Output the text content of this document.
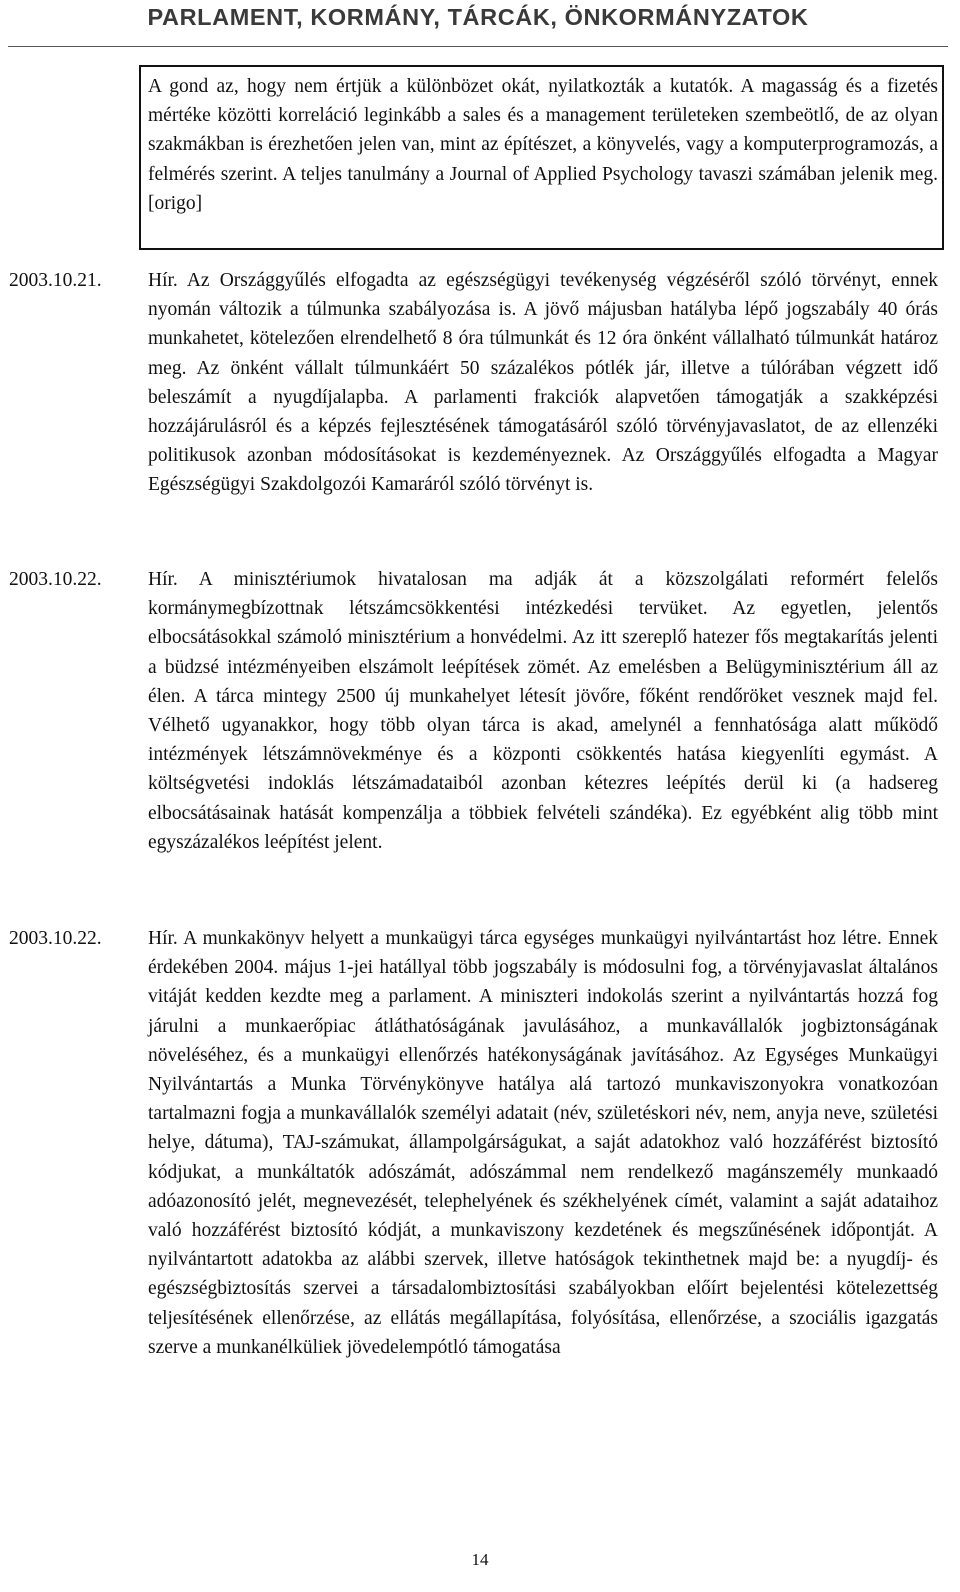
PARLAMENT, KORMÁNY, TÁRCÁK, ÖNKORMÁNYZATOK
A gond az, hogy nem értjük a különbözet okát, nyilatkozták a kutatók. A magasság és a fizetés mértéke közötti korreláció leginkább a sales és a management területeken szembeötlő, de az olyan szakmákban is érezhetően jelen van, mint az építészet, a könyvelés, vagy a komputerprogramozás, a felmérés szerint. A teljes tanulmány a Journal of Applied Psychology tavaszi számában jelenik meg. [origo]
2003.10.21. Hír. Az Országgyűlés elfogadta az egészségügyi tevékenység végzéséről szóló törvényt, ennek nyomán változik a túlmunka szabályozása is. A jövő májusban hatályba lépő jogszabály 40 órás munkahetet, kötelezően elrendelhető 8 óra túlmunkát és 12 óra önként vállalható túlmunkát határoz meg. Az önként vállalt túlmunkáért 50 százalékos pótlék jár, illetve a túlórában végzett idő beleszámít a nyugdíjalapba. A parlamenti frakciók alapvetően támogatják a szakképzési hozzájárulásról és a képzés fejlesztésének támogatásáról szóló törvényjavaslatot, de az ellenzéki politikusok azonban módosításokat is kezdeményeznek. Az Országgyűlés elfogadta a Magyar Egészségügyi Szakdolgozói Kamaráról szóló törvényt is.
2003.10.22. Hír. A minisztériumok hivatalosan ma adják át a közszolgálati reformért felelős kormánymegbízottnak létszámcsökkentési intézkedési tervüket. Az egyetlen, jelentős elbocsátásokkal számoló minisztérium a honvédelmi. Az itt szereplő hatezer fős megtakarítás jelenti a büdzsé intézményeiben elszámolt leépítések zömét. Az emelésben a Belügyminisztérium áll az élen. A tárca mintegy 2500 új munkahelyet létesít jövőre, főként rendőröket vesznek majd fel. Vélhető ugyanakkor, hogy több olyan tárca is akad, amelynél a fennhatósága alatt működő intézmények létszámnövekménye és a központi csökkentés hatása kiegyenlíti egymást. A költségvetési indoklás létszámadataiból azonban kétezres leépítés derül ki (a hadsereg elbocsátásainak hatását kompenzálja a többiek felvételi szándéka). Ez egyébként alig több mint egyszázalékos leépítést jelent.
2003.10.22. Hír. A munkakönyv helyett a munkaügyi tárca egységes munkaügyi nyilvántartást hoz létre. Ennek érdekében 2004. május 1-jei hatállyal több jogszabály is módosulni fog, a törvényjavaslat általános vitáját kedden kezdte meg a parlament. A miniszteri indokolás szerint a nyilvántartás hozzá fog járulni a munkaerőpiac átláthatóságának javulásához, a munkavállalók jogbiztonságának növeléséhez, és a munkaügyi ellenőrzés hatékonyságának javításához. Az Egységes Munkaügyi Nyilvántartás a Munka Törvénykönyve hatálya alá tartozó munkaviszonyokra vonatkozóan tartalmazni fogja a munkavállalók személyi adatait (név, születéskori név, nem, anyja neve, születési helye, dátuma), TAJ-számukat, állampolgárságukat, a saját adatokhoz való hozzáférést biztosító kódjukat, a munkáltatók adószámát, adószámmal nem rendelkező magánszemély munkaadó adóazonosító jelét, megnevezését, telephelyének és székhelyének címét, valamint a saját adataihoz való hozzáférést biztosító kódját, a munkaviszony kezdetének és megszűnésének időpontját. A nyilvántartott adatokba az alábbi szervek, illetve hatóságok tekinthetnek majd be: a nyugdíj- és egészségbiztosítás szervei a társadalombiztosítási szabályokban előírt bejelentési kötelezettség teljesítésének ellenőrzése, az ellátás megállapítása, folyósítása, ellenőrzése, a szociális igazgatás szerve a munkanélküliek jövedelempótló támogatása
14
